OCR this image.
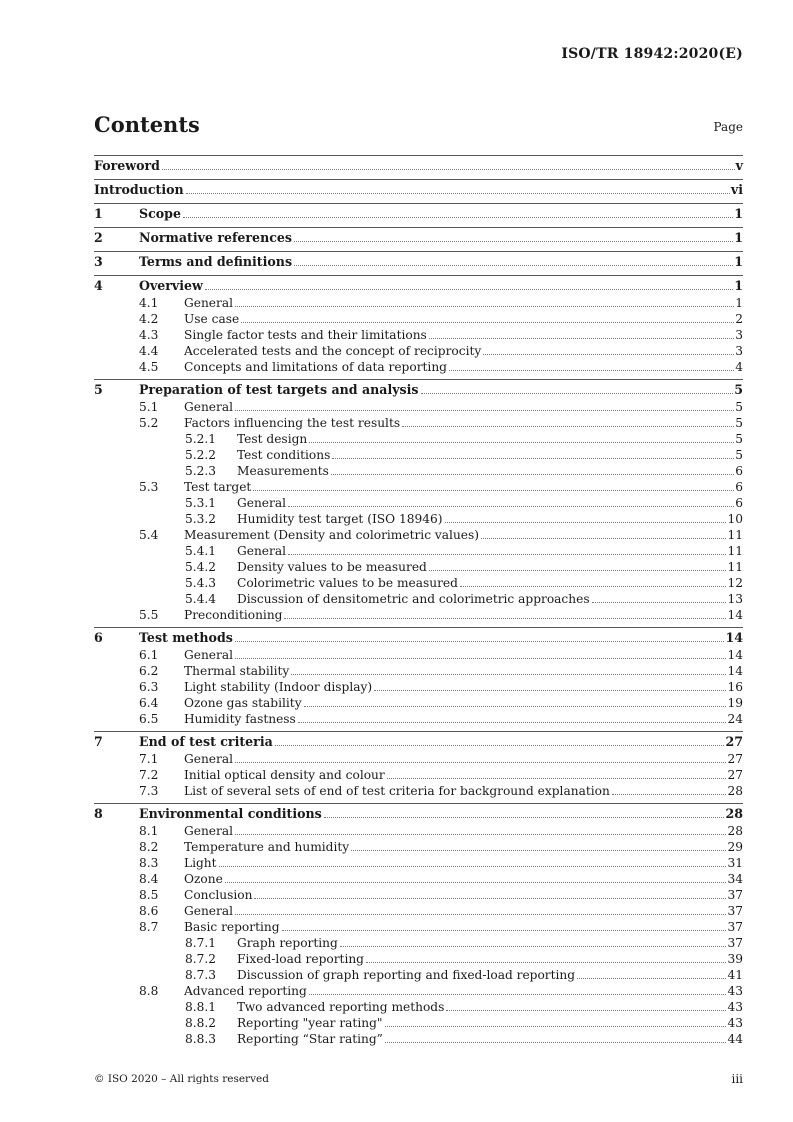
ISO/TR 18942:2020(E)
Contents	Page
Foreword	v
Introduction	vi
1	Scope	1
2	Normative references	1
3	Terms and definitions	1
4	Overview	1
4.1	General	1
4.2	Use case	2
4.3	Single factor tests and their limitations	3
4.4	Accelerated tests and the concept of reciprocity	3
4.5	Concepts and limitations of data reporting	4
5	Preparation of test targets and analysis	5
5.1	General	5
5.2	Factors influencing the test results	5
5.2.1	Test design	5
5.2.2	Test conditions	5
5.2.3	Measurements	6
5.3	Test target	6
5.3.1	General	6
5.3.2	Humidity test target (ISO 18946)	10
5.4	Measurement (Density and colorimetric values)	11
5.4.1	General	11
5.4.2	Density values to be measured	11
5.4.3	Colorimetric values to be measured	12
5.4.4	Discussion of densitometric and colorimetric approaches	13
5.5	Preconditioning	14
6	Test methods	14
6.1	General	14
6.2	Thermal stability	14
6.3	Light stability (Indoor display)	16
6.4	Ozone gas stability	19
6.5	Humidity fastness	24
7	End of test criteria	27
7.1	General	27
7.2	Initial optical density and colour	27
7.3	List of several sets of end of test criteria for background explanation	28
8	Environmental conditions	28
8.1	General	28
8.2	Temperature and humidity	29
8.3	Light	31
8.4	Ozone	34
8.5	Conclusion	37
8.6	General	37
8.7	Basic reporting	37
8.7.1	Graph reporting	37
8.7.2	Fixed-load reporting	39
8.7.3	Discussion of graph reporting and fixed-load reporting	41
8.8	Advanced reporting	43
8.8.1	Two advanced reporting methods	43
8.8.2	Reporting "year rating"	43
8.8.3	Reporting “Star rating”	44
© ISO 2020 – All rights reserved	iii
